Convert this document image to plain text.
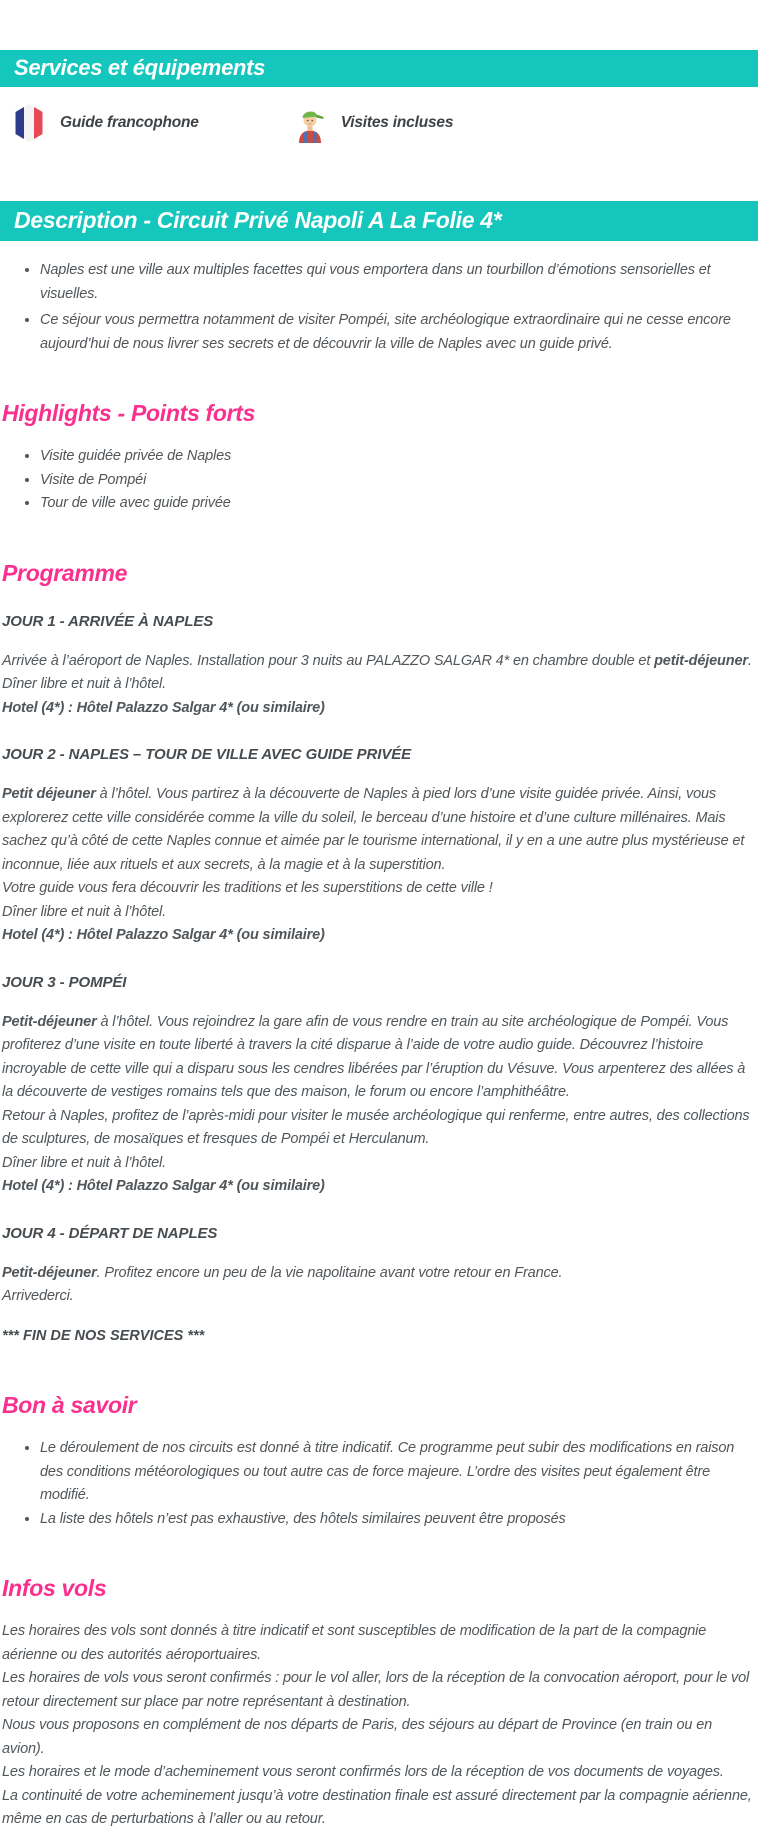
Services et équipements
Guide francophone	Visites incluses
Description - Circuit Privé Napoli A La Folie 4*
• Naples est une ville aux multiples facettes qui vous emportera dans un tourbillon d’émotions sensorielles et visuelles.
• Ce séjour vous permettra notamment de visiter Pompéi, site archéologique extraordinaire qui ne cesse encore aujourd’hui de nous livrer ses secrets et de découvrir la ville de Naples avec un guide privé.
Highlights - Points forts
• Visite guidée privée de Naples
• Visite de Pompéi
• Tour de ville avec guide privée
Programme
JOUR 1 - ARRIVÉE À NAPLES
Arrivée à l’aéroport de Naples. Installation pour 3 nuits au PALAZZO SALGAR 4* en chambre double et petit-déjeuner.
Dîner libre et nuit à l’hôtel.
Hotel (4*) : Hôtel Palazzo Salgar 4* (ou similaire)
JOUR 2 - NAPLES – TOUR DE VILLE AVEC GUIDE PRIVÉE
Petit déjeuner à l’hôtel. Vous partirez à la découverte de Naples à pied lors d’une visite guidée privée. Ainsi, vous explorerez cette ville considérée comme la ville du soleil, le berceau d’une histoire et d’une culture millénaires. Mais sachez qu’à côté de cette Naples connue et aimée par le tourisme international, il y en a une autre plus mystérieuse et inconnue, liée aux rituels et aux secrets, à la magie et à la superstition.
Votre guide vous fera découvrir les traditions et les superstitions de cette ville !
Dîner libre et nuit à l’hôtel.
Hotel (4*) : Hôtel Palazzo Salgar 4* (ou similaire)
JOUR 3 - POMPÉI
Petit-déjeuner à l’hôtel. Vous rejoindrez la gare afin de vous rendre en train au site archéologique de Pompéi. Vous profiterez d’une visite en toute liberté à travers la cité disparue à l’aide de votre audio guide. Découvrez l’histoire incroyable de cette ville qui a disparu sous les cendres libérées par l’éruption du Vésuve. Vous arpenterez des allées à la découverte de vestiges romains tels que des maison, le forum ou encore l’amphithéâtre.
Retour à Naples, profitez de l’après-midi pour visiter le musée archéologique qui renferme, entre autres, des collections de sculptures, de mosaïques et fresques de Pompéi et Herculanum.
Dîner libre et nuit à l’hôtel.
Hotel (4*) : Hôtel Palazzo Salgar 4* (ou similaire)
JOUR 4 - DÉPART DE NAPLES
Petit-déjeuner. Profitez encore un peu de la vie napolitaine avant votre retour en France.
Arrivederci.
*** FIN DE NOS SERVICES ***
Bon à savoir
• Le déroulement de nos circuits est donné à titre indicatif. Ce programme peut subir des modifications en raison des conditions météorologiques ou tout autre cas de force majeure. L’ordre des visites peut également être modifié.
• La liste des hôtels n’est pas exhaustive, des hôtels similaires peuvent être proposés
Infos vols
Les horaires des vols sont donnés à titre indicatif et sont susceptibles de modification de la part de la compagnie aérienne ou des autorités aéroportuaires.
Les horaires de vols vous seront confirmés : pour le vol aller, lors de la réception de la convocation aéroport, pour le vol retour directement sur place par notre représentant à destination.
Nous vous proposons en complément de nos départs de Paris, des séjours au départ de Province (en train ou en avion).
Les horaires et le mode d’acheminement vous seront confirmés lors de la réception de vos documents de voyages.
La continuité de votre acheminement jusqu’à votre destination finale est assuré directement par la compagnie aérienne, même en cas de perturbations à l’aller ou au retour.
